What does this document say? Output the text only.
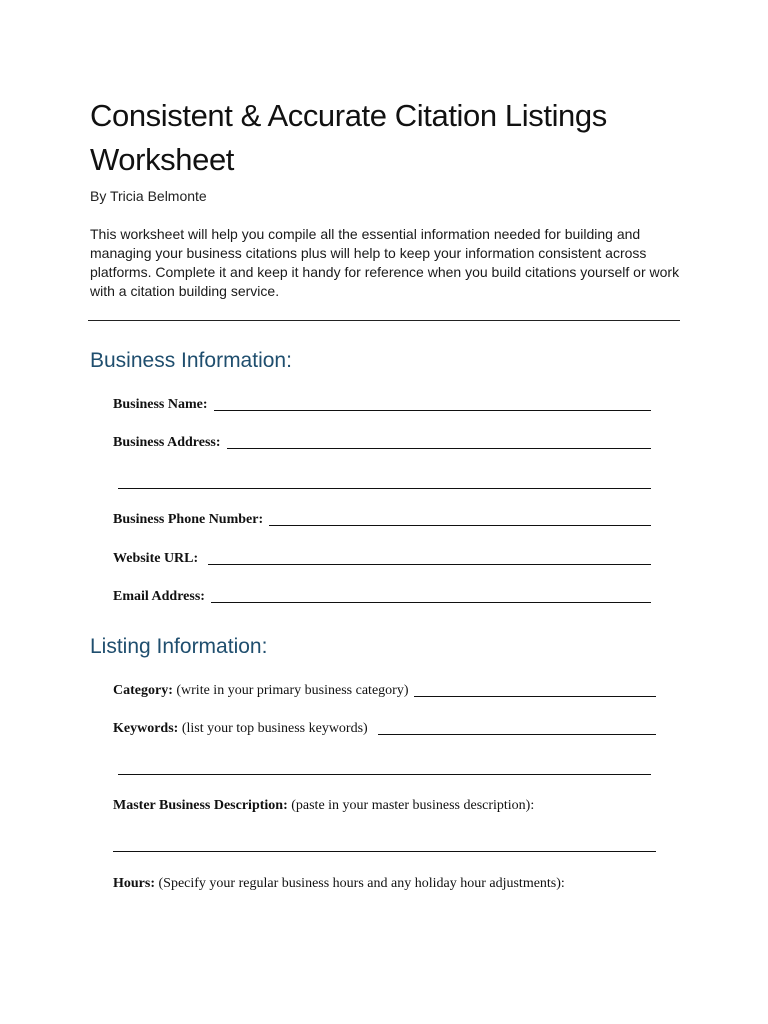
Consistent & Accurate Citation Listings Worksheet
By Tricia Belmonte

This worksheet will help you compile all the essential information needed for building and managing your business citations plus will help to keep your information consistent across platforms. Complete it and keep it handy for reference when you build citations yourself or work with a citation building service.

Business Information:
Business Name:
Business Address:
Business Phone Number:
Website URL:
Email Address:
Listing Information:
Category: (write in your primary business category)
Keywords: (list your top business keywords)
Master Business Description: (paste in your master business description):
Hours: (Specify your regular business hours and any holiday hour adjustments):
